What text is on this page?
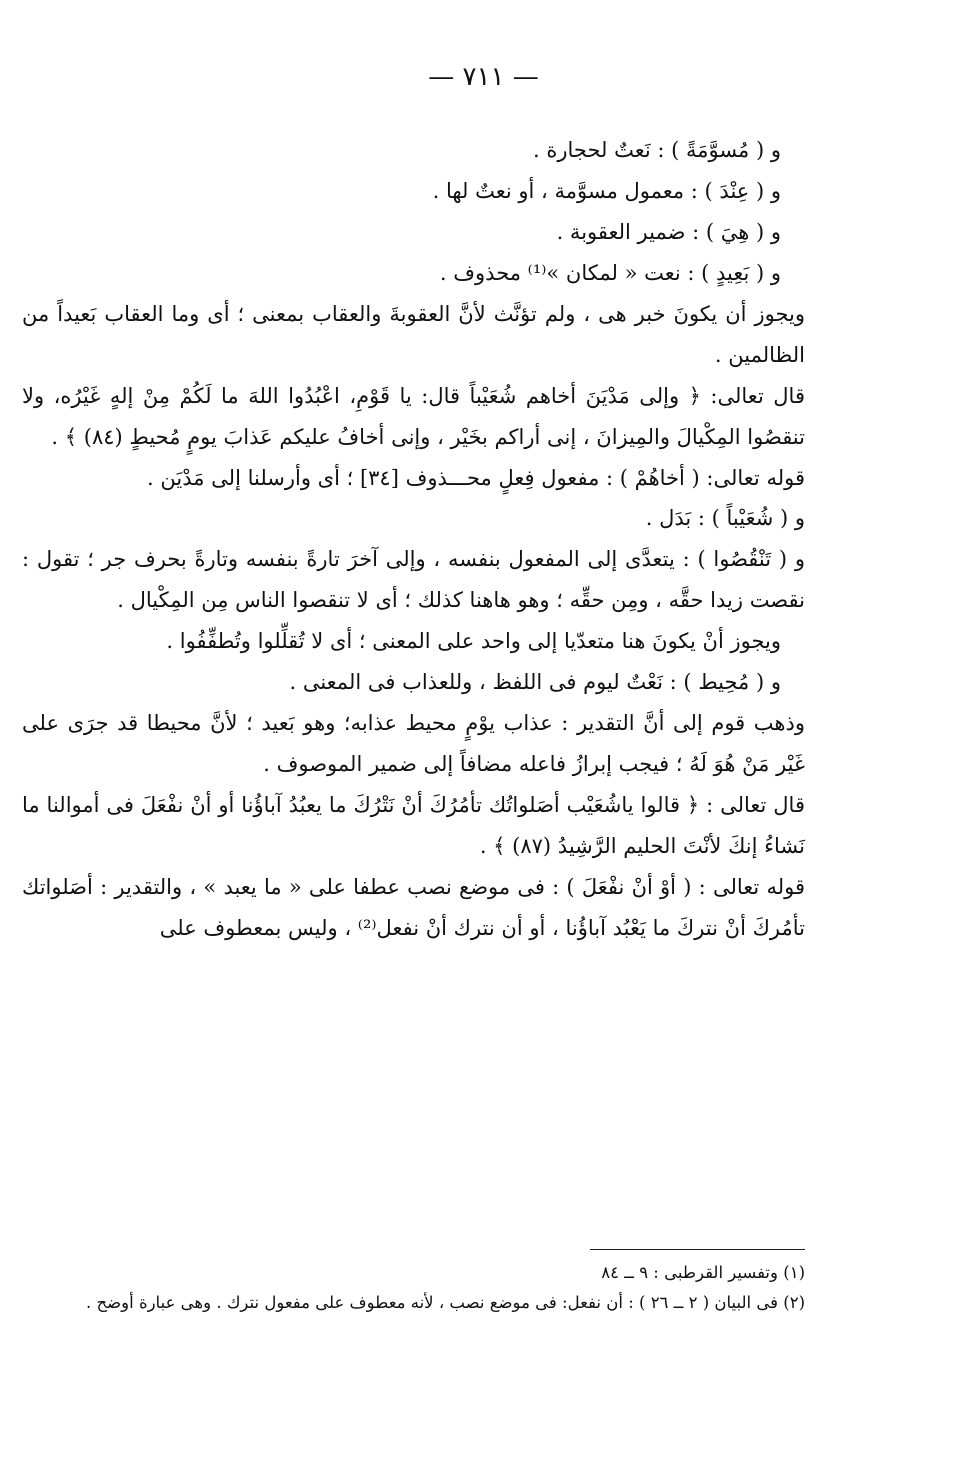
— ٧١١ —

و ( مُسوَّمَةً ) : نَعتٌ لحجارة .

و ( عِنْدَ ) : معمول مسوَّمة ، أو نعتٌ لها .

و ( هِيَ ) : ضمير العقوبة .

و ( بَعِيدٍ ) : نعت « لمكان »⁽¹⁾ محذوف .

ويجوز أن يكونَ خبر هى ، ولم تؤنَّث لأنَّ العقوبةَ والعقاب بمعنى ؛ أى وما العقاب بَعيداً من الظالمين .

قال تعالى: ﴿ وإلى مَدْيَنَ أخاهم شُعَيْباً قال: يا قَوْمِ، اعْبُدُوا اللهَ ما لَكُمْ مِنْ إلهٍ غَيْرُه، ولا تنقصُوا المِكْيالَ والمِيزانَ ، إنى أراكم بخَيْر ، وإنى أخافُ عليكم عَذابَ يومٍ مُحيطٍ (٨٤) ﴾ .

قوله تعالى: ( أخاهُمْ ) : مفعول فِعلٍ محـــذوف [٣٤] ؛ أى وأرسلنا إلى مَدْيَن .

و ( شُعَيْباً ) : بَدَل .

و ( تَنْقُصُوا ) : يتعدَّى إلى المفعول بنفسه ، وإلى آخرَ تارةً بنفسه وتارةً بحرف جر ؛ تقول : نقصت زيدا حقَّه ، ومِن حقِّه ؛ وهو هاهنا كذلك ؛ أى لا تنقصوا الناس مِن المِكْيال .

ويجوز أنْ يكونَ هنا متعدّيا إلى واحد على المعنى ؛ أى لا تُقلِّلوا وتُطفِّفُوا .

و ( مُحِيط ) : نَعْتٌ ليوم فى اللفظ ، وللعذاب فى المعنى .

وذهب قوم إلى أنَّ التقدير : عذاب يوْمٍ محيط عذابه؛ وهو بَعيد ؛ لأنَّ محيطا قد جرَى على غَيْر مَنْ هُوَ لَهُ ؛ فيجب إبرازُ فاعله مضافاً إلى ضمير الموصوف .

قال تعالى : ﴿ قالوا ياشُعَيْب أصَلواتُك تأمُرُكَ أنْ نَتْرُكَ ما يعبُدُ آباؤُنا أو أنْ نفْعَلَ فى أموالنا ما نَشاءُ إنكَ لأنْتَ الحليم الرَّشِيدُ (٨٧) ﴾ .

قوله تعالى : ( أوْ أنْ نفْعَلَ ) : فى موضع نصب عطفا على « ما يعبد » ، والتقدير : أصَلواتك تأمُركَ أنْ نتركَ ما يَعْبُد آباؤُنا ، أو أن نترك أنْ نفعل⁽²⁾ ، وليس بمعطوف على

(١) وتفسير القرطبى : ٩ ــ ٨٤

(٢) فى البيان ( ٢ ــ ٢٦ ) : أن نفعل: فى موضع نصب ، لأنه معطوف على مفعول نترك . وهى عبارة أوضح .
